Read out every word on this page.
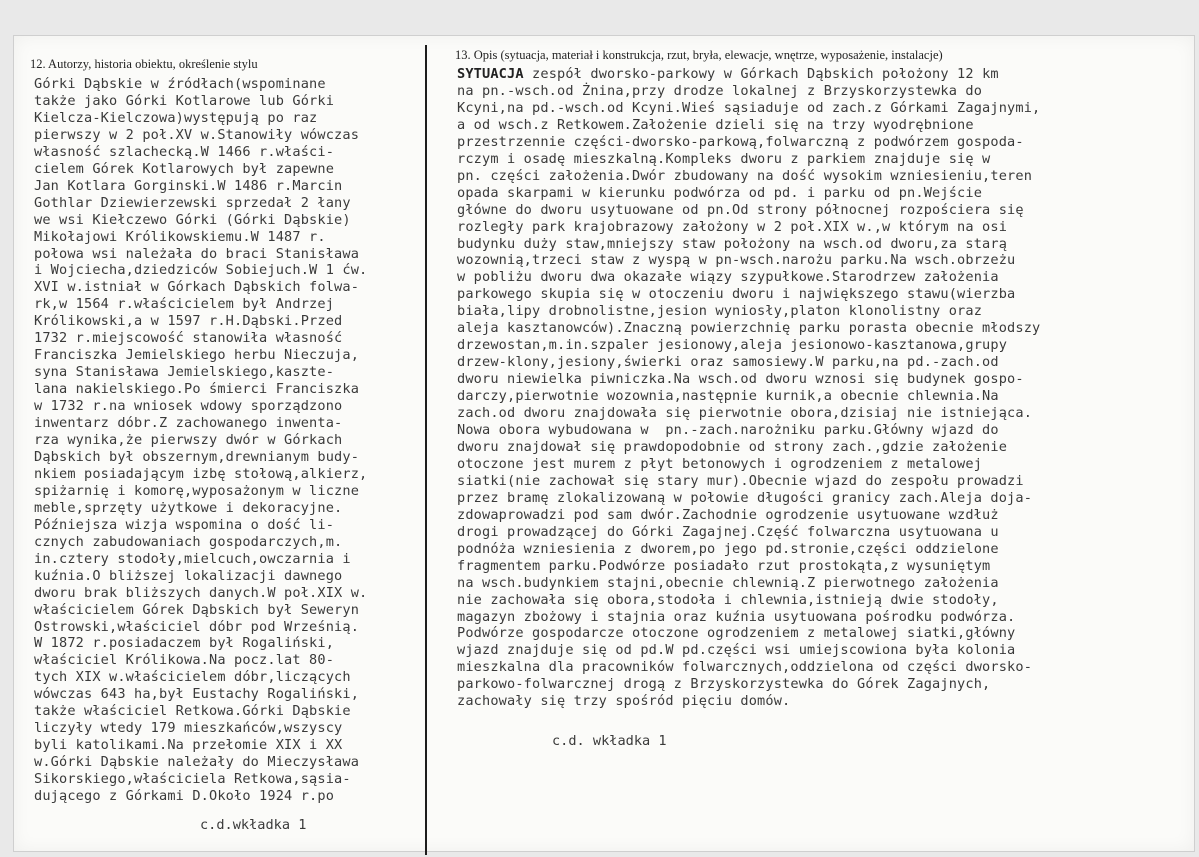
12. Autorzy, historia obiektu, określenie stylu
13. Opis (sytuacja, materiał i konstrukcja, rzut, bryła, elewacje, wnętrze, wyposażenie, instalacje)
Górki Dąbskie w źródłach(wspominane
także jako Górki Kotlarowe lub Górki
Kielcza-Kielczowa)występują po raz
pierwszy w 2 poł.XV w.Stanowiły wówczas
własność szlachecką.W 1466 r.właści-
cielem Górek Kotlarowych był zapewne
Jan Kotlara Gorginski.W 1486 r.Marcin
Gothlar Dziewierzewski sprzedał 2 łany
we wsi Kiełczewo Górki (Górki Dąbskie)
Mikołajowi Królikowskiemu.W 1487 r.
połowa wsi należała do braci Stanisława
i Wojciecha,dziedziców Sobiejuch.W 1 ćw.
XVI w.istniał w Górkach Dąbskich folwa-
rk,w 1564 r.właścicielem był Andrzej
Królikowski,a w 1597 r.H.Dąbski.Przed
1732 r.miejscowość stanowiła własność
Franciszka Jemielskiego herbu Nieczuja,
syna Stanisława Jemielskiego,kaszte-
lana nakielskiego.Po śmierci Franciszka
w 1732 r.na wniosek wdowy sporządzono
inwentarz dóbr.Z zachowanego inwenta-
rza wynika,że pierwszy dwór w Górkach
Dąbskich był obszernym,drewnianym budy-
nkiem posiadającym izbę stołową,alkierz,
spiżarnię i komorę,wyposażonym w liczne
meble,sprzęty użytkowe i dekoracyjne.
Późniejsza wizja wspomina o dość li-
cznych zabudowaniach gospodarczych,m.
in.cztery stodoły,mielcuch,owczarnia i
kuźnia.O bliższej lokalizacji dawnego
dworu brak bliższych danych.W poł.XIX w.
właścicielem Górek Dąbskich był Seweryn
Ostrowski,właściciel dóbr pod Wrześnią.
W 1872 r.posiadaczem był Rogaliński,
właściciel Królikowa.Na pocz.lat 80-
tych XIX w.właścicielem dóbr,liczących
wówczas 643 ha,był Eustachy Rogaliński,
także właściciel Retkowa.Górki Dąbskie
liczyły wtedy 179 mieszkańców,wszyscy
byli katolikami.Na przełomie XIX i XX
w.Górki Dąbskie należały do Mieczysława
Sikorskiego,właściciela Retkowa,sąsia-
dującego z Górkami D.Około 1924 r.po
c.d.wkładka 1
SYTUACJA zespół dworsko-parkowy w Górkach Dąbskich położony 12 km
na pn.-wsch.od Żnina,przy drodze lokalnej z Brzyskorzystewka do
Kcyni,na pd.-wsch.od Kcyni.Wieś sąsiaduje od zach.z Górkami Zagajnymi,
a od wsch.z Retkowem.Założenie dzieli się na trzy wyodrębnione
przestrzennie części-dworsko-parkową,folwarczną z podwórzem gospoda-
rczym i osadę mieszkalną.Kompleks dworu z parkiem znajduje się w
pn. części założenia.Dwór zbudowany na dość wysokim wzniesieniu,teren
opada skarpami w kierunku podwórza od pd. i parku od pn.Wejście
główne do dworu usytuowane od pn.Od strony północnej rozpościera się
rozległy park krajobrazowy założony w 2 poł.XIX w.,w którym na osi
budynku duży staw,mniejszy staw położony na wsch.od dworu,za starą
wozownią,trzeci staw z wyspą w pn-wsch.narożu parku.Na wsch.obrzeżu
w pobliżu dworu dwa okazałe wiązy szypułkowe.Starodrzew założenia
parkowego skupia się w otoczeniu dworu i największego stawu(wierzba
biała,lipy drobnolistne,jesion wyniosły,platon klonolistny oraz
aleja kasztanowców).Znaczną powierzchnię parku porasta obecnie młodszy
drzewostan,m.in.szpaler jesionowy,aleja jesionowo-kasztanowa,grupy
drzew-klony,jesiony,świerki oraz samosiewy.W parku,na pd.-zach.od
dworu niewielka piwniczka.Na wsch.od dworu wznosi się budynek gospo-
darczy,pierwotnie wozownia,następnie kurnik,a obecnie chlewnia.Na
zach.od dworu znajdowała się pierwotnie obora,dzisiaj nie istniejąca.
Nowa obora wybudowana w  pn.-zach.narożniku parku.Główny wjazd do
dworu znajdował się prawdopodobnie od strony zach.,gdzie założenie
otoczone jest murem z płyt betonowych i ogrodzeniem z metalowej
siatki(nie zachował się stary mur).Obecnie wjazd do zespołu prowadzi
przez bramę zlokalizowaną w połowie długości granicy zach.Aleja doja-
zdowaprowadzi pod sam dwór.Zachodnie ogrodzenie usytuowane wzdłuż
drogi prowadzącej do Górki Zagajnej.Część folwarczna usytuowana u
podnóża wzniesienia z dworem,po jego pd.stronie,części oddzielone
fragmentem parku.Podwórze posiadało rzut prostokąta,z wysuniętym
na wsch.budynkiem stajni,obecnie chlewnią.Z pierwotnego założenia
nie zachowała się obora,stodoła i chlewnia,istnieją dwie stodoły,
magazyn zbożowy i stajnia oraz kuźnia usytuowana pośrodku podwórza.
Podwórze gospodarcze otoczone ogrodzeniem z metalowej siatki,główny
wjazd znajduje się od pd.W pd.części wsi umiejscowiona była kolonia
mieszkalna dla pracowników folwarcznych,oddzielona od części dworsko-
parkowo-folwarcznej drogą z Brzyskorzystewka do Górek Zagajnych,
zachowały się trzy spośród pięciu domów.
c.d. wkładka 1
